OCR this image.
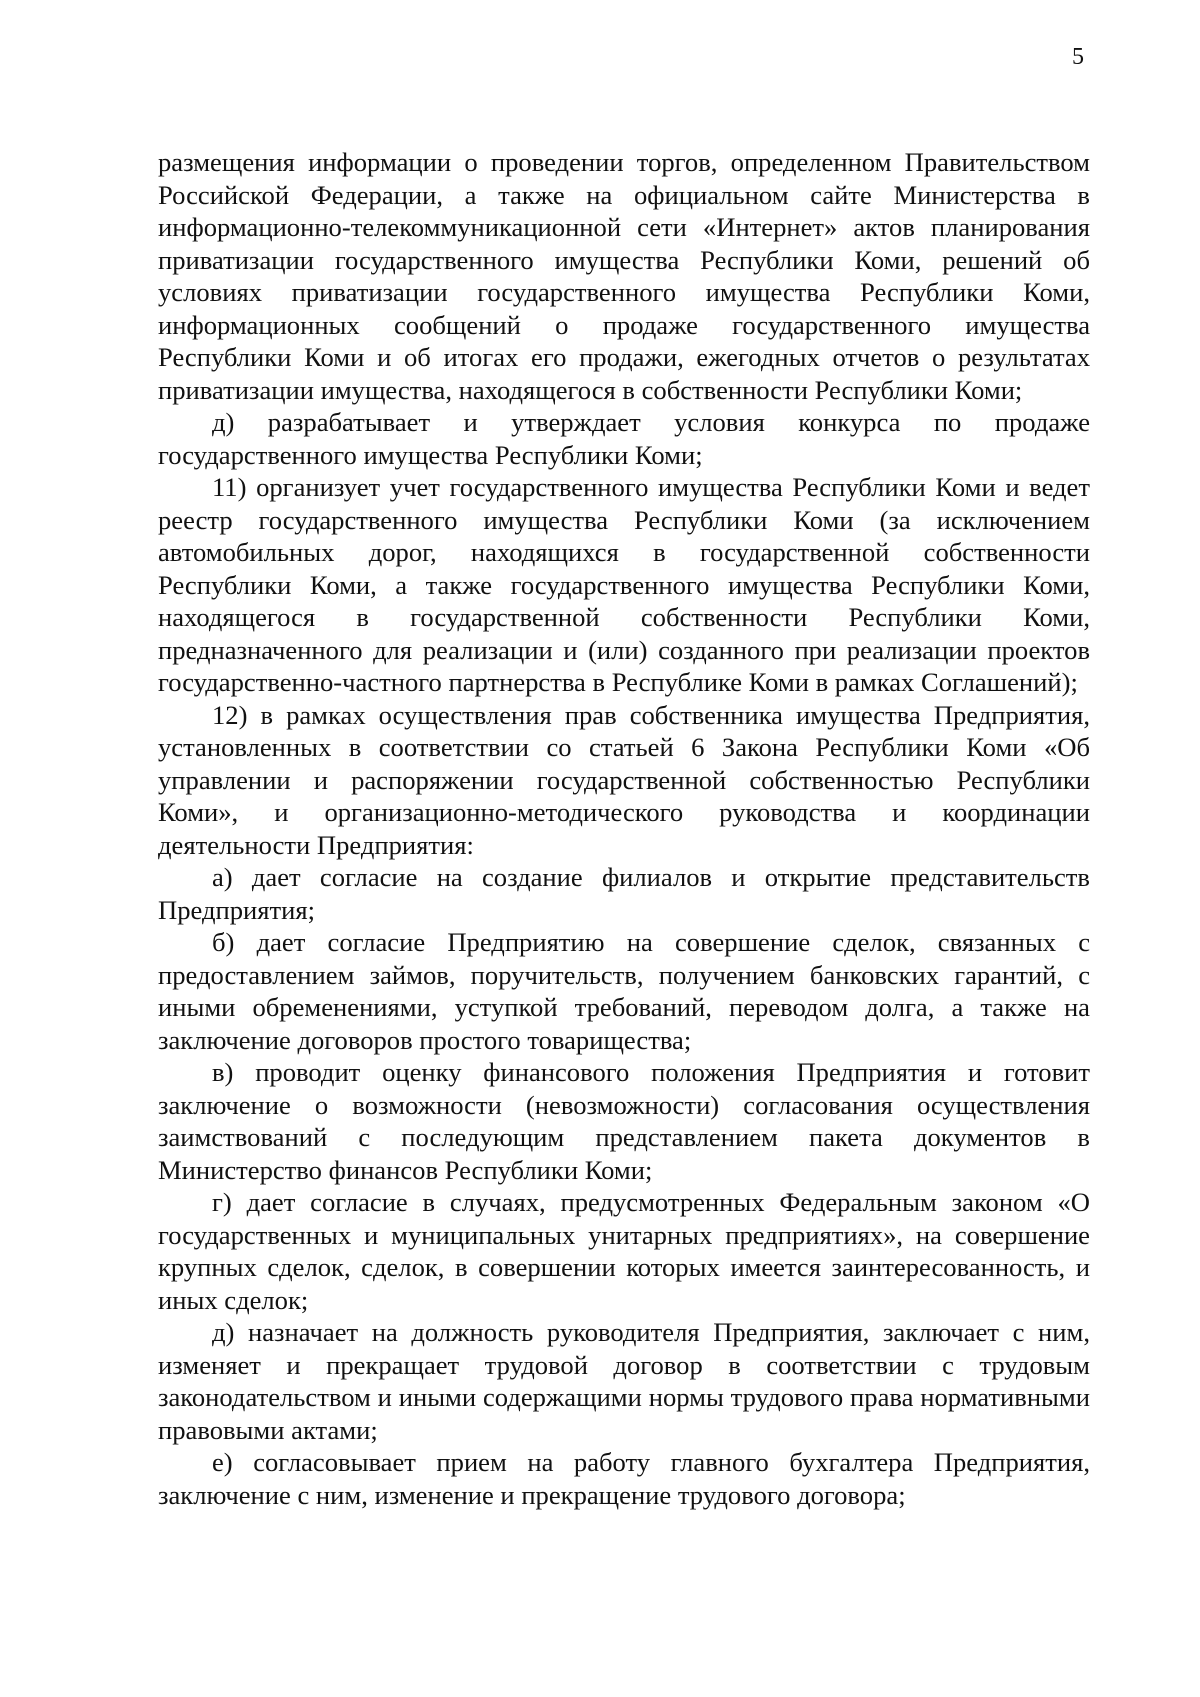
5

размещения информации о проведении торгов, определенном Правительством Российской Федерации, а также на официальном сайте Министерства в информационно-телекоммуникационной сети «Интернет» актов планирования приватизации государственного имущества Республики Коми, решений об условиях приватизации государственного имущества Республики Коми, информационных сообщений о продаже государственного имущества Республики Коми и об итогах его продажи, ежегодных отчетов о результатах приватизации имущества, находящегося в собственности Республики Коми;

д) разрабатывает и утверждает условия конкурса по продаже государственного имущества Республики Коми;

11) организует учет государственного имущества Республики Коми и ведет реестр государственного имущества Республики Коми (за исключением автомобильных дорог, находящихся в государственной собственности Республики Коми, а также государственного имущества Республики Коми, находящегося в государственной собственности Республики Коми, предназначенного для реализации и (или) созданного при реализации проектов государственно-частного партнерства в Республике Коми в рамках Соглашений);

12) в рамках осуществления прав собственника имущества Предприятия, установленных в соответствии со статьей 6 Закона Республики Коми «Об управлении и распоряжении государственной собственностью Республики Коми», и организационно-методического руководства и координации деятельности Предприятия:

а) дает согласие на создание филиалов и открытие представительств Предприятия;

б) дает согласие Предприятию на совершение сделок, связанных с предоставлением займов, поручительств, получением банковских гарантий, с иными обременениями, уступкой требований, переводом долга, а также на заключение договоров простого товарищества;

в) проводит оценку финансового положения Предприятия и готовит заключение о возможности (невозможности) согласования осуществления заимствований с последующим представлением пакета документов в Министерство финансов Республики Коми;

г) дает согласие в случаях, предусмотренных Федеральным законом «О государственных и муниципальных унитарных предприятиях», на совершение крупных сделок, сделок, в совершении которых имеется заинтересованность, и иных сделок;

д) назначает на должность руководителя Предприятия, заключает с ним, изменяет и прекращает трудовой договор в соответствии с трудовым законодательством и иными содержащими нормы трудового права нормативными правовыми актами;

е) согласовывает прием на работу главного бухгалтера Предприятия, заключение с ним, изменение и прекращение трудового договора;
